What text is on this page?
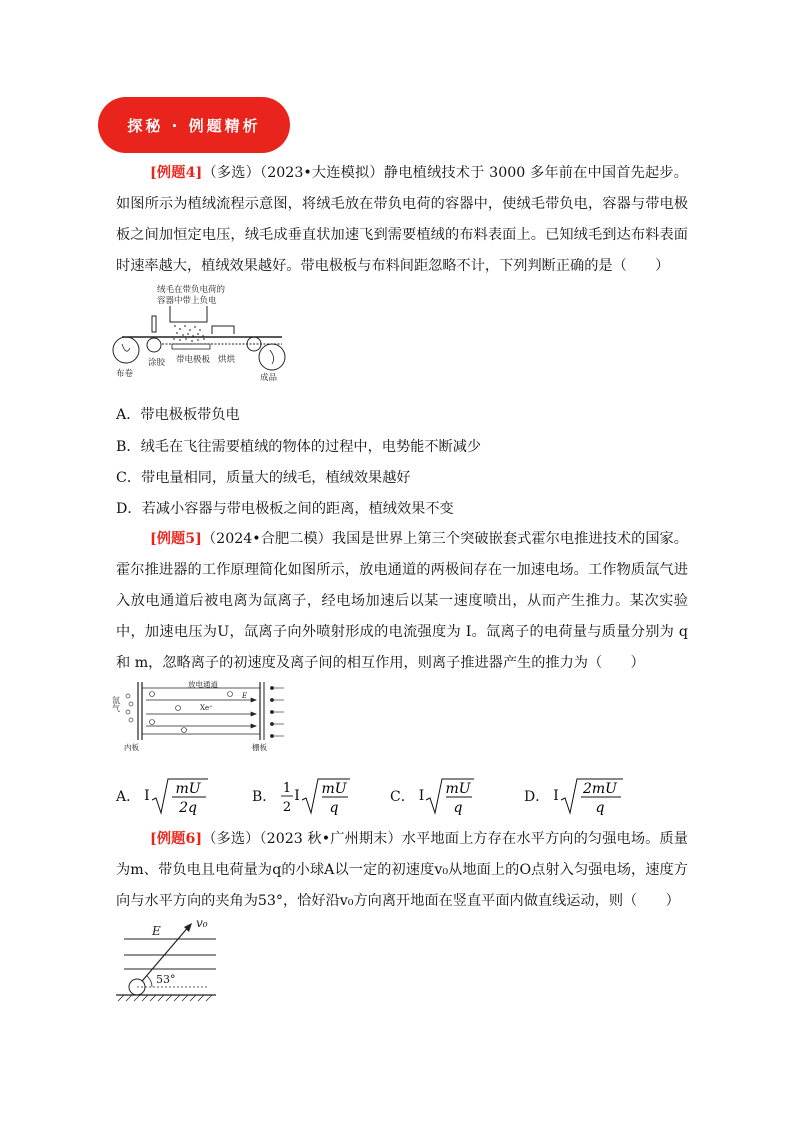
探秘 · 例题精析
[例题4]（多选）（2023•大连模拟）静电植绒技术于 3000 多年前在中国首先起步。如图所示为植绒流程示意图，将绒毛放在带负电荷的容器中，使绒毛带负电，容器与带电极板之间加恒定电压，绒毛成垂直状加速飞到需要植绒的布料表面上。已知绒毛到达布料表面时速率越大，植绒效果越好。带电极板与布料间距忽略不计，下列判断正确的是（　　）
绒毛在带负电荷的
容器中带上负电
带电极板
涂胶	烘烘
布卷	成品
A．带电极板带负电
B．绒毛在飞往需要植绒的物体的过程中，电势能不断减少
C．带电量相同，质量大的绒毛，植绒效果越好
D．若减小容器与带电极板之间的距离，植绒效果不变
[例题5]（2024•合肥二模）我国是世界上第三个突破嵌套式霍尔电推进技术的国家。霍尔推进器的工作原理简化如图所示，放电通道的两极间存在一加速电场。工作物质氙气进入放电通道后被电离为氙离子，经电场加速后以某一速度喷出，从而产生推力。某次实验中，加速电压为U，氙离子向外喷射形成的电流强度为 I。氙离子的电荷量与质量分别为 q 和 m，忽略离子的初速度及离子间的相互作用，则离子推进器产生的推力为（　　）
氙气
放电通道
E
Xe⁺
内板	栅板
A． I mU
2q
B．
1
2
I mU
q
C． I mU
q
D． I 2mU
q
[例题6]（多选）（2023 秋•广州期末）水平地面上方存在水平方向的匀强电场。质量为m、带负电且电荷量为q的小球A以一定的初速度v₀从地面上的O点射入匀强电场，速度方向与水平方向的夹角为53°，恰好沿v₀方向离开地面在竖直平面内做直线运动，则（　　）
E
v₀
53°
